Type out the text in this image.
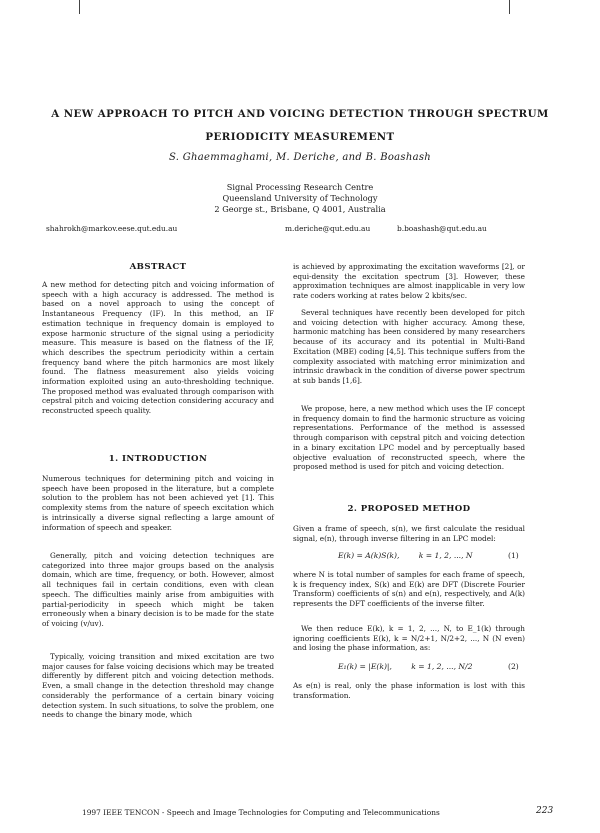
A NEW APPROACH TO PITCH AND VOICING DETECTION THROUGH SPECTRUM
PERIODICITY MEASUREMENT
S. Ghaemmaghami, M. Deriche, and B. Boashash
Signal Processing Research Centre
Queensland University of Technology
2 George st., Brisbane, Q 4001, Australia
shahrokh@markov.eese.qut.edu.au	m.deriche@qut.edu.au	b.boashash@qut.edu.au
ABSTRACT

A new method for detecting pitch and voicing information of speech with a high accuracy is addressed. The method is based on a novel approach to using the concept of Instantaneous Frequency (IF). In this method, an IF estimation technique in frequency domain is employed to expose harmonic structure of the signal using a periodicity measure. This measure is based on the flatness of the IF, which describes the spectrum periodicity within a certain frequency band where the pitch harmonics are most likely found. The flatness measurement also yields voicing information exploited using an auto-thresholding technique. The proposed method was evaluated through comparison with cepstral pitch and voicing detection considering accuracy and reconstructed speech quality.

1. INTRODUCTION

Numerous techniques for determining pitch and voicing in speech have been proposed in the literature, but a complete solution to the problem has not been achieved yet [1]. This complexity stems from the nature of speech excitation which is intrinsically a diverse signal reflecting a large amount of information of speech and speaker.

Generally, pitch and voicing detection techniques are categorized into three major groups based on the analysis domain, which are time, frequency, or both. However, almost all techniques fail in certain conditions, even with clean speech. The difficulties mainly arise from ambiguities with partial-periodicity in speech which might be taken erroneously when a binary decision is to be made for the state of voicing (v/uv).

Typically, voicing transition and mixed excitation are two major causes for false voicing decisions which may be treated differently by different pitch and voicing detection methods. Even, a small change in the detection threshold may change considerably the performance of a certain binary voicing detection system. In such situations, to solve the problem, one needs to change the binary mode, which

is achieved by approximating the excitation waveforms [2], or equi-density the excitation spectrum [3]. However, these approximation techniques are almost inapplicable in very low rate coders working at rates below 2 kbits/sec.

Several techniques have recently been developed for pitch and voicing detection with higher accuracy. Among these, harmonic matching has been considered by many researchers because of its accuracy and its potential in Multi-Band Excitation (MBE) coding [4,5]. This technique suffers from the complexity associated with matching error minimization and intrinsic drawback in the condition of diverse power spectrum at sub bands [1,6].

We propose, here, a new method which uses the IF concept in frequency domain to find the harmonic structure as voicing representations. Performance of the method is assessed through comparison with cepstral pitch and voicing detection in a binary excitation LPC model and by perceptually based objective evaluation of reconstructed speech, where the proposed method is used for pitch and voicing detection.

2. PROPOSED METHOD

Given a frame of speech, s(n), we first calculate the residual signal, e(n), through inverse filtering in an LPC model:

E(k) = A(k)S(k),        k = 1, 2, ..., N	(1)

where N is total number of samples for each frame of speech, k is frequency index, S(k) and E(k) are DFT (Discrete Fourier Transform) coefficients of s(n) and e(n), respectively, and A(k) represents the DFT coefficients of the inverse filter.

We then reduce E(k), k = 1, 2, ..., N, to E_1(k) through ignoring coefficients E(k), k = N/2+1, N/2+2, ..., N (N even) and losing the phase information, as:

E₁(k) = |E(k)|,        k = 1, 2, ..., N/2	(2)

As e(n) is real, only the phase information is lost with this transformation.

1997 IEEE TENCON - Speech and Image Technologies for Computing and Telecommunications	223
